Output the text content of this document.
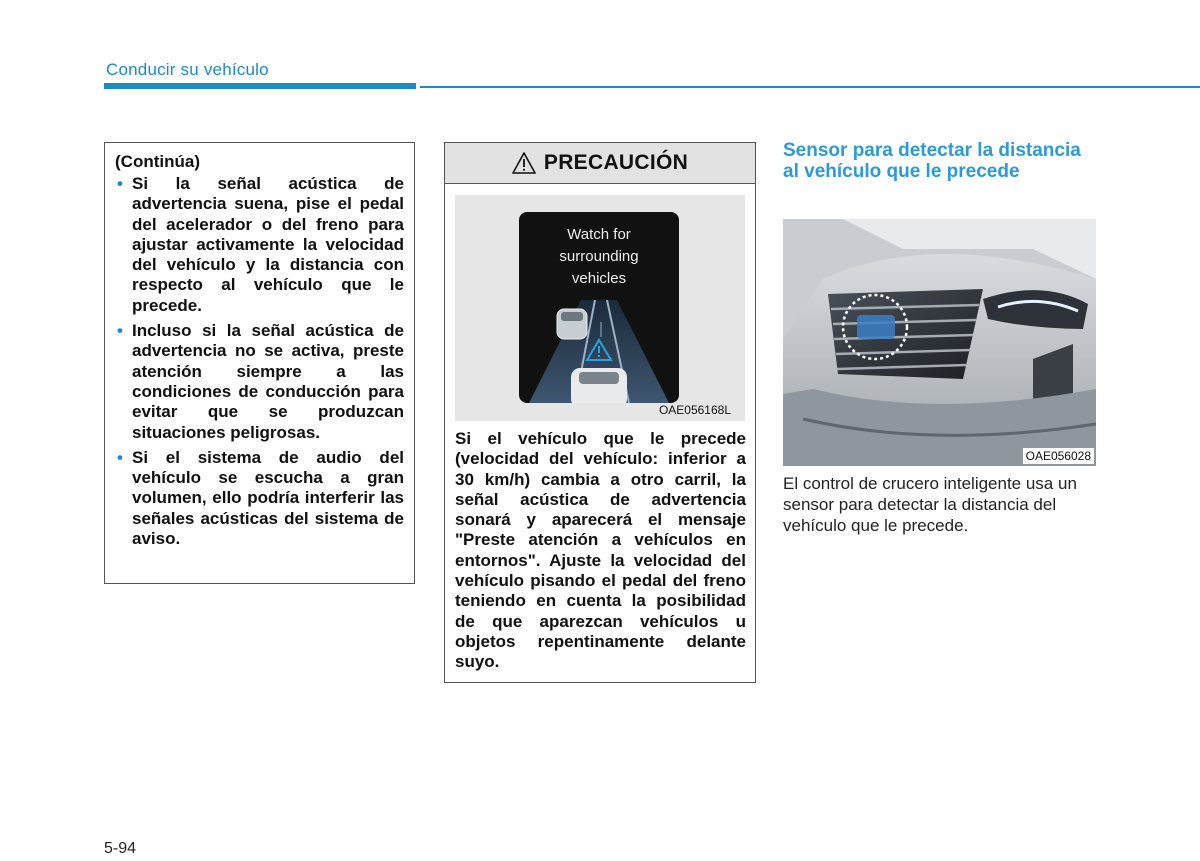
Conducir su vehículo
(Continúa)
• Si la señal acústica de advertencia suena, pise el pedal del acelerador o del freno para ajustar activamente la velocidad del vehículo y la distancia con respecto al vehículo que le precede.
• Incluso si la señal acústica de advertencia no se activa, preste atención siempre a las condiciones de conducción para evitar que se produzcan situaciones peligrosas.
• Si el sistema de audio del vehículo se escucha a gran volumen, ello podría interferir las señales acústicas del sistema de aviso.
PRECAUCIÓN
Watch for
surrounding
vehicles
OAE056168L

Si el vehículo que le precede (velocidad del vehículo: inferior a 30 km/h) cambia a otro carril, la señal acústica de advertencia sonará y aparecerá el mensaje "Preste atención a vehículos en entornos". Ajuste la velocidad del vehículo pisando el pedal del freno teniendo en cuenta la posibilidad de que aparezcan vehículos u objetos repentinamente delante suyo.

Sensor para detectar la distancia al vehículo que le precede
OAE056028

El control de crucero inteligente usa un sensor para detectar la distancia del vehículo que le precede.

5-94
